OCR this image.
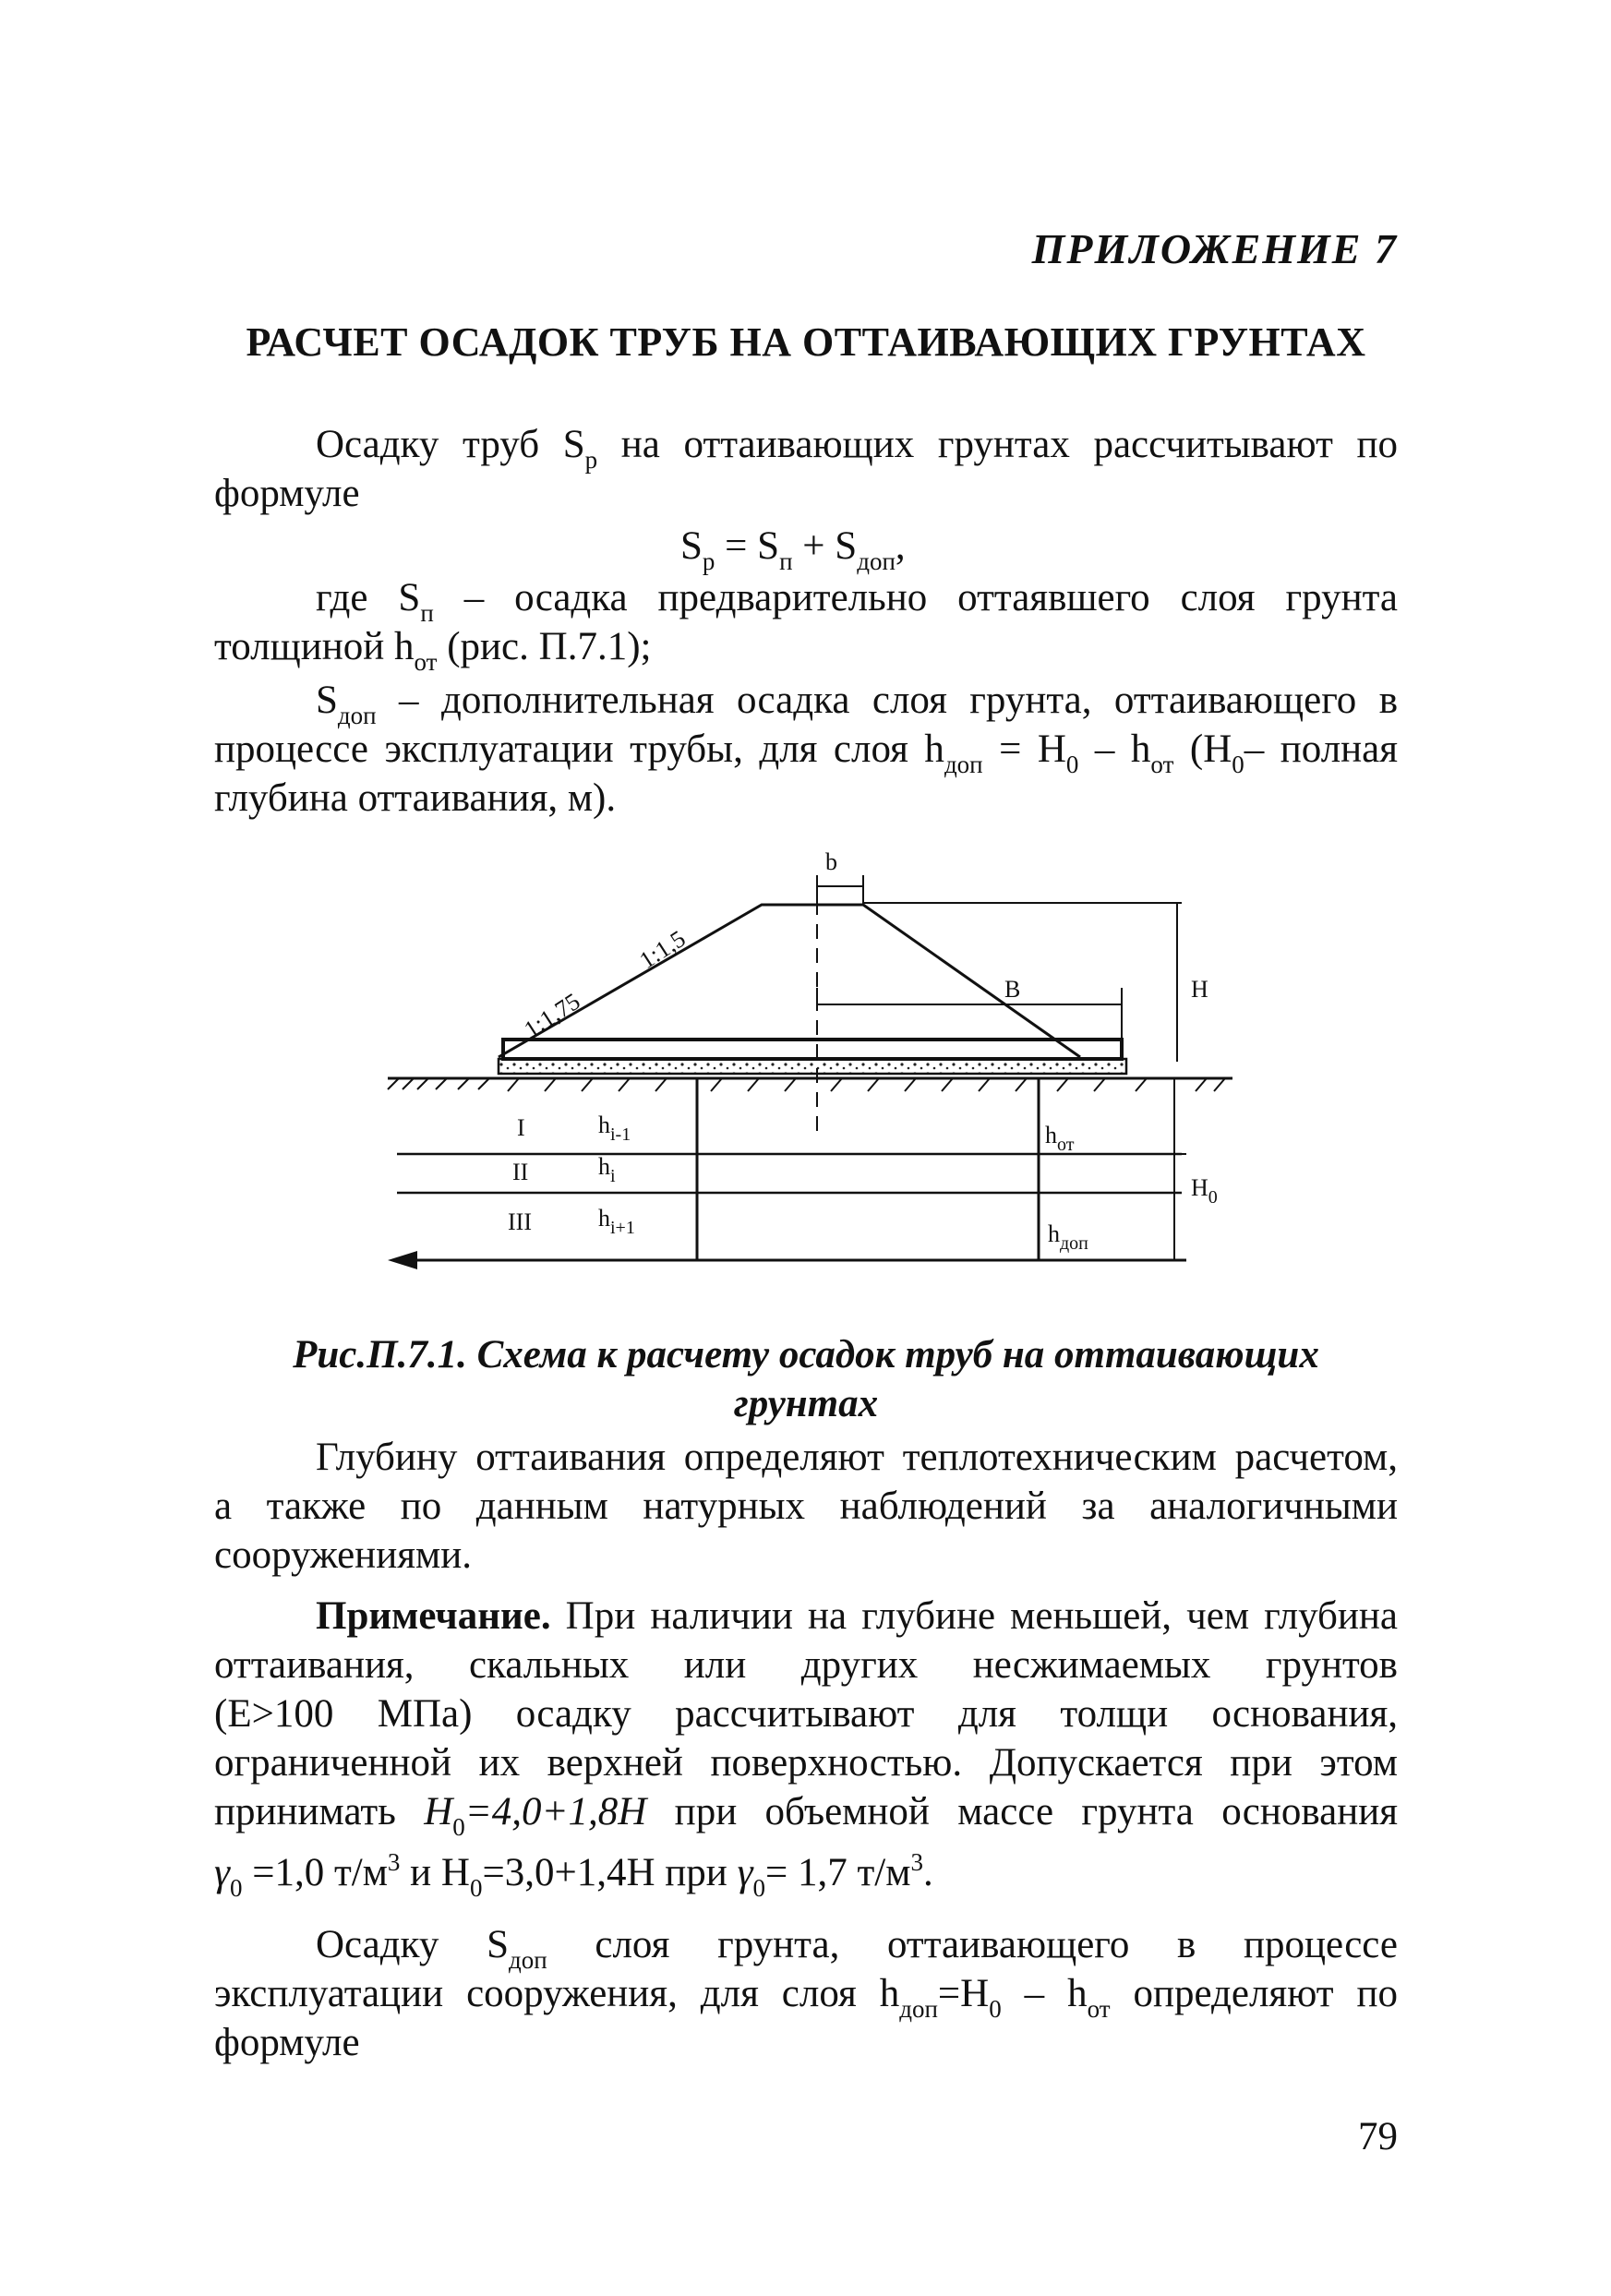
ПРИЛОЖЕНИЕ 7
РАСЧЕТ ОСАДОК ТРУБ НА ОТТАИВАЮЩИХ ГРУНТАХ
Осадку труб $S_р$ на оттаивающих грунтах рассчитывают по
формуле
$S_р = S_п + S_{доп}$,
где $S_п$ – осадка предварительно оттаявшего слоя грунта
толщиной $h_{от}$ (рис. П.7.1);
$S_{доп}$ – дополнительная осадка слоя грунта, оттаивающего в
процессе эксплуатации трубы, для слоя $h_{доп} = H_0 - h_{от}$ ($H_0-$ полная
глубина оттаивания, м).
b
1:1,5
1:1,75	B	H
I
II
III
$h_{i-1}$
$h_i$
$h_{i+1}$
$h_{от}$
$H_0$
$h_{доп}$
Рис.П.7.1. Схема к расчету осадок труб на оттаивающих
грунтах
Глубину оттаивания определяют теплотехническим расчетом,
а также по данным натурных наблюдений за аналогичными
сооружениями.
Примечание. При наличии на глубине меньшей, чем глубина
оттаивания, скальных или других несжимаемых грунтов
(E>100 МПа) осадку рассчитывают для толщи основания,
ограниченной их верхней поверхностью. Допускается при этом
принимать $H_0=4,0+1,8H$ при объемной массе грунта основания
$\gamma_0 =1,0$ $т/м^3$ и $H_0=3,0+1,4H$ при $\gamma_0= 1,7$ $т/м^3$.
Осадку $S_{доп}$ слоя грунта, оттаивающего в процессе
эксплуатации сооружения, для слоя $h_{доп}=H_0 - h_{от}$ определяют по
формуле
79
